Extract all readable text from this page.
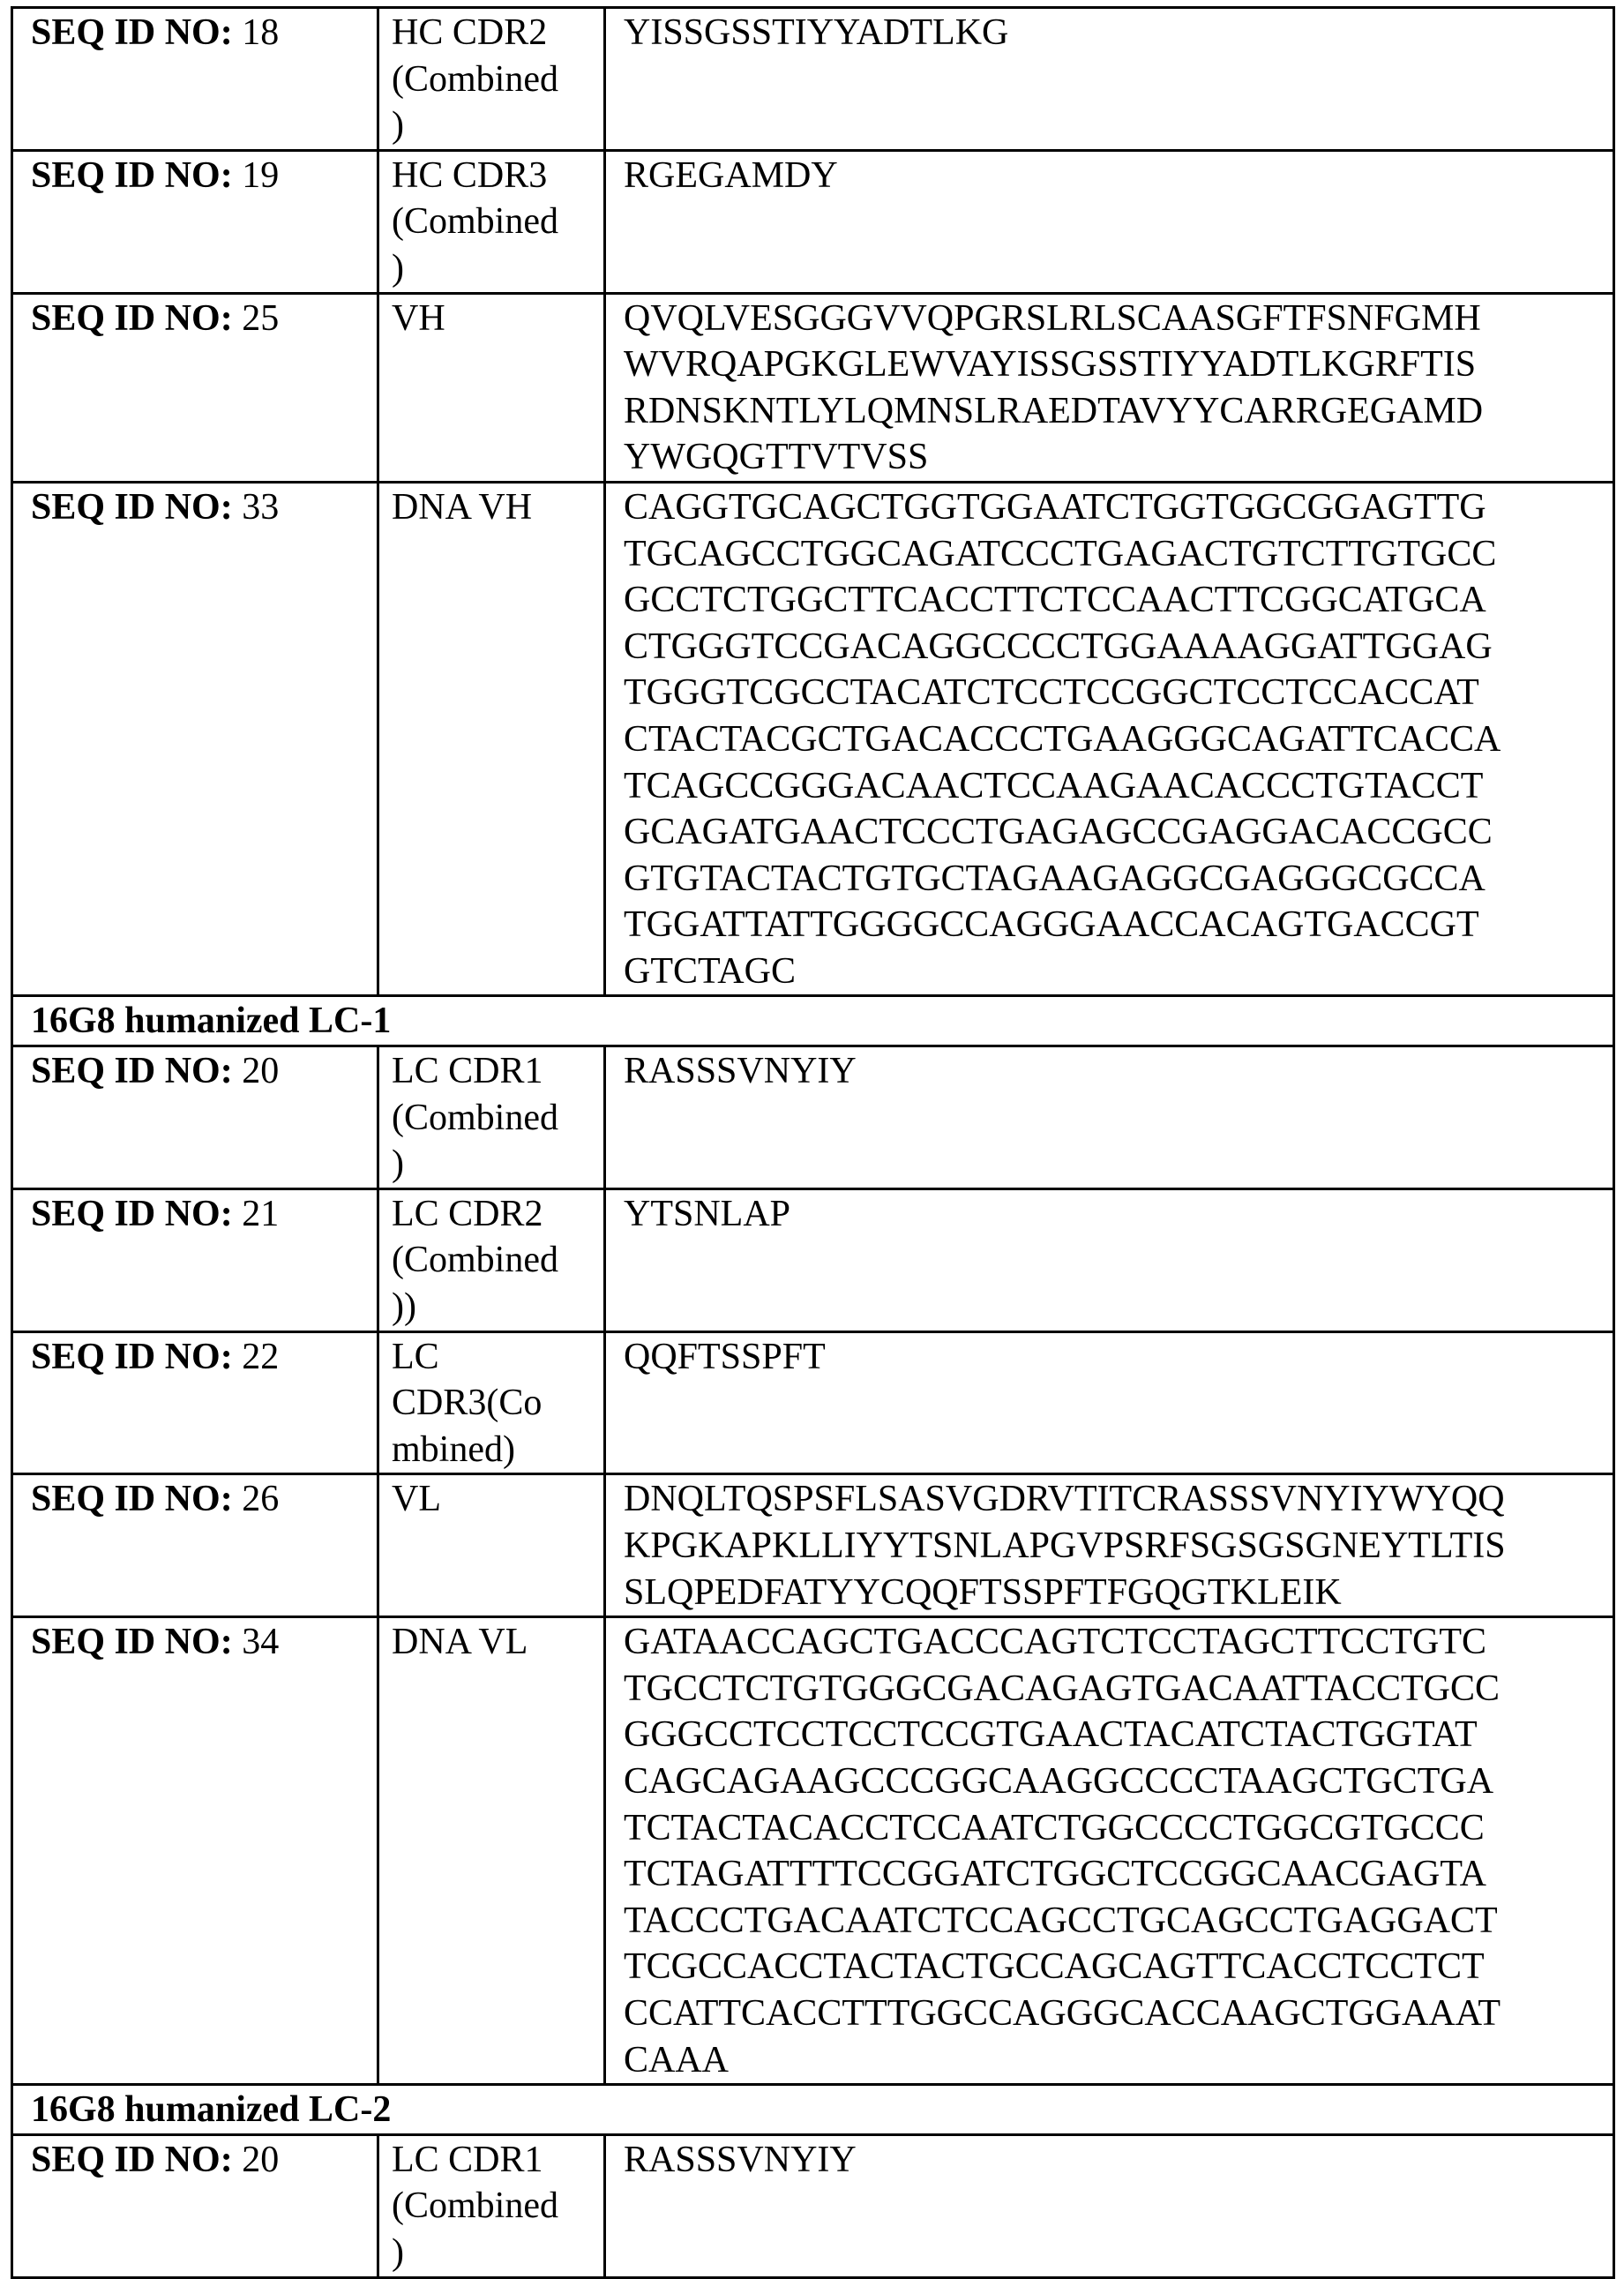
SEQ ID NO: 18	HC CDR2
(Combined
)	YISSGSSTIYYADTLKG
SEQ ID NO: 19	HC CDR3
(Combined
)	RGEGAMDY
SEQ ID NO: 25	VH	QVQLVESGGGVVQPGRSLRLSCAASGFTFSNFGMH
WVRQAPGKGLEWVAYISSGSSTIYYADTLKGRFTIS
RDNSKNTLYLQMNSLRAEDTAVYYCARRGEGAMD
YWGQGTTVTVSS
SEQ ID NO: 33	DNA VH	CAGGTGCAGCTGGTGGAATCTGGTGGCGGAGTTG
TGCAGCCTGGCAGATCCCTGAGACTGTCTTGTGCC
GCCTCTGGCTTCACCTTCTCCAACTTCGGCATGCA
CTGGGTCCGACAGGCCCCTGGAAAAGGATTGGAG
TGGGTCGCCTACATCTCCTCCGGCTCCTCCACCAT
CTACTACGCTGACACCCTGAAGGGCAGATTCACCA
TCAGCCGGGACAACTCCAAGAACACCCTGTACCT
GCAGATGAACTCCCTGAGAGCCGAGGACACCGCC
GTGTACTACTGTGCTAGAAGAGGCGAGGGCGCCA
TGGATTATTGGGGCCAGGGAACCACAGTGACCGT
GTCTAGC
16G8 humanized LC-1
SEQ ID NO: 20	LC CDR1
(Combined
)	RASSSVNYIY
SEQ ID NO: 21	LC CDR2
(Combined
))	YTSNLAP
SEQ ID NO: 22	LC
CDR3(Co
mbined)	QQFTSSPFT
SEQ ID NO: 26	VL	DNQLTQSPSFLSASVGDRVTITCRASSSVNYIYWYQQ
KPGKAPKLLIYYTSNLAPGVPSRFSGSGSGNEYTLTIS
SLQPEDFATYYCQQFTSSPFTFGQGTKLEIK
SEQ ID NO: 34	DNA VL	GATAACCAGCTGACCCAGTCTCCTAGCTTCCTGTC
TGCCTCTGTGGGCGACAGAGTGACAATTACCTGCC
GGGCCTCCTCCTCCGTGAACTACATCTACTGGTAT
CAGCAGAAGCCCGGCAAGGCCCCTAAGCTGCTGA
TCTACTACACCTCCAATCTGGCCCCTGGCGTGCCC
TCTAGATTTTCCGGATCTGGCTCCGGCAACGAGTA
TACCCTGACAATCTCCAGCCTGCAGCCTGAGGACT
TCGCCACCTACTACTGCCAGCAGTTCACCTCCTCT
CCATTCACCTTTGGCCAGGGCACCAAGCTGGAAAT
CAAA
16G8 humanized LC-2
SEQ ID NO: 20	LC CDR1
(Combined
)	RASSSVNYIY
